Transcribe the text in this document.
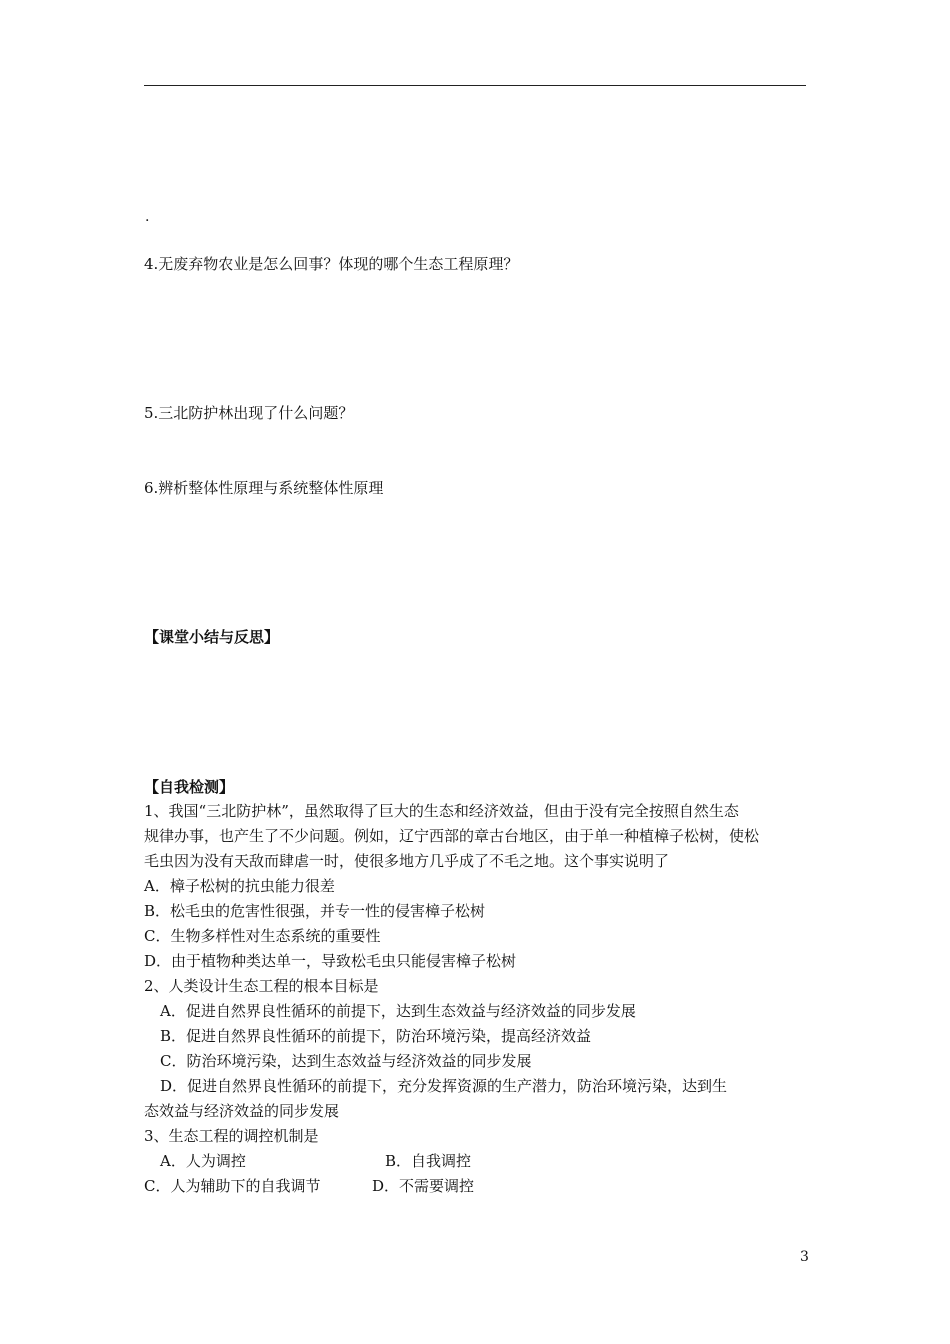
.
4.无废弃物农业是怎么回事？体现的哪个生态工程原理？
5.三北防护林出现了什么问题？
6.辨析整体性原理与系统整体性原理
【课堂小结与反思】
【自我检测】
1、我国“三北防护林”，虽然取得了巨大的生态和经济效益，但由于没有完全按照自然生态
规律办事，也产生了不少问题。例如，辽宁西部的章古台地区，由于单一种植樟子松树，使松
毛虫因为没有天敌而肆虐一时，使很多地方几乎成了不毛之地。这个事实说明了
A．樟子松树的抗虫能力很差
B．松毛虫的危害性很强，并专一性的侵害樟子松树
C．生物多样性对生态系统的重要性
D．由于植物种类达单一，导致松毛虫只能侵害樟子松树
2、人类设计生态工程的根本目标是
A．促进自然界良性循环的前提下，达到生态效益与经济效益的同步发展
B．促进自然界良性循环的前提下，防治环境污染，提高经济效益
C．防治环境污染，达到生态效益与经济效益的同步发展
D．促进自然界良性循环的前提下，充分发挥资源的生产潜力，防治环境污染，达到生
态效益与经济效益的同步发展
3、生态工程的调控机制是
A．人为调控	B．自我调控
C．人为辅助下的自我调节	D．不需要调控
3
